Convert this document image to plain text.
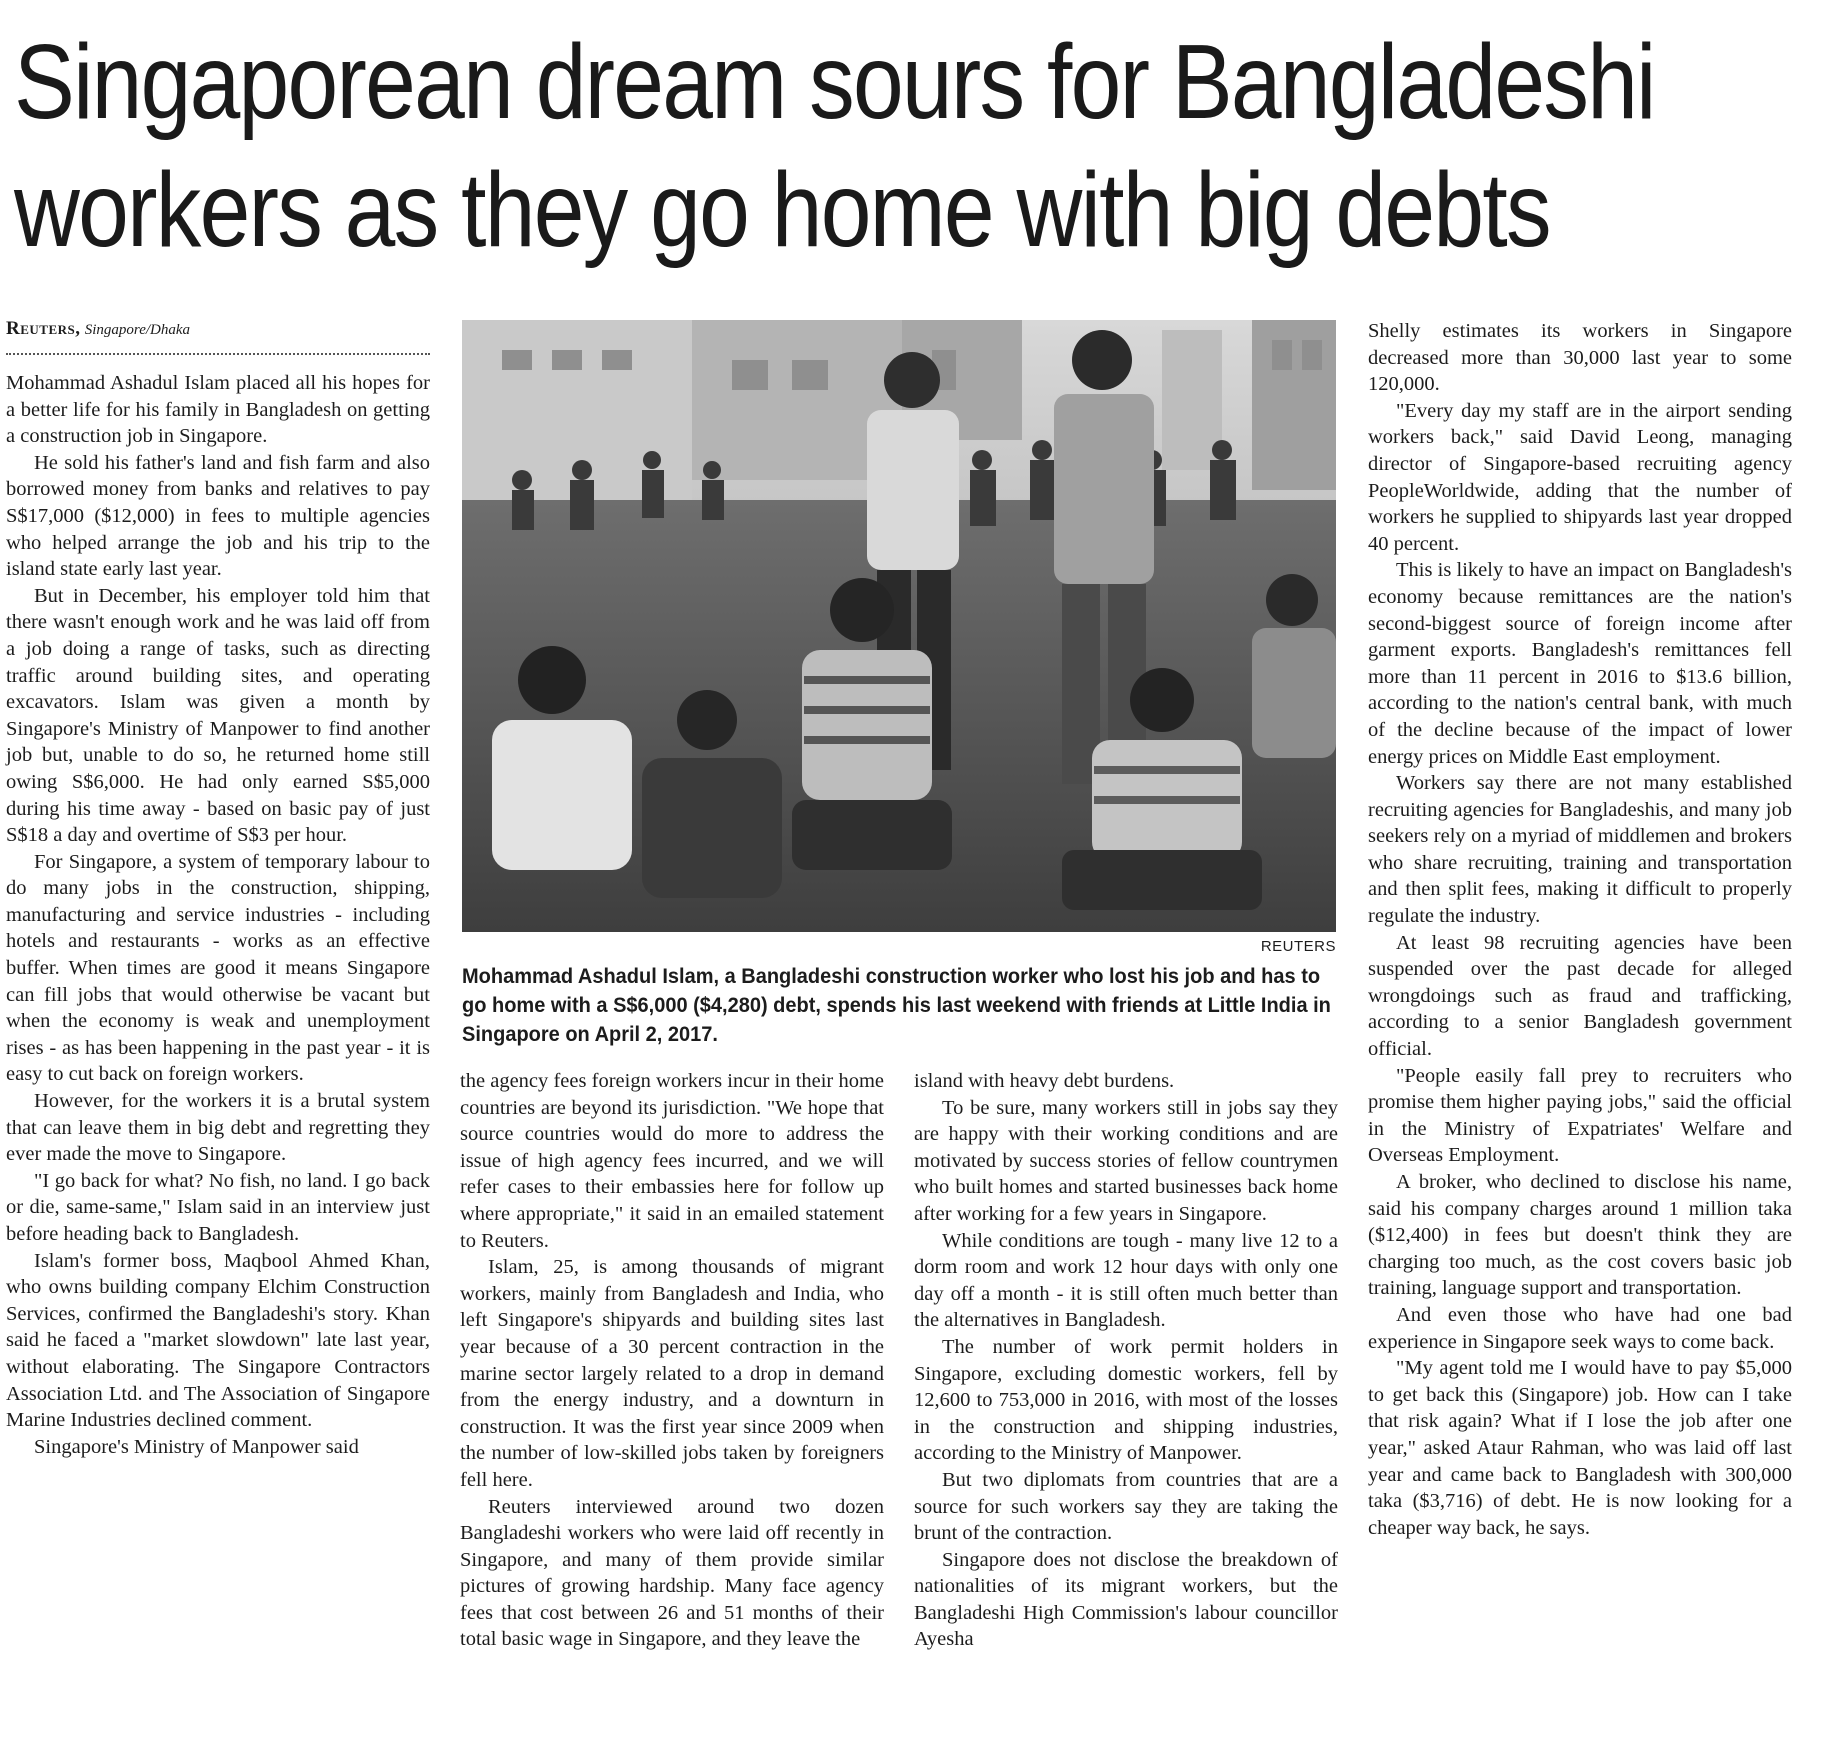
Singaporean dream sours for Bangladeshi
workers as they go home with big debts
Reuters, Singapore/Dhaka

Mohammad Ashadul Islam placed all his hopes for a better life for his family in Bangladesh on getting a construction job in Singapore.

He sold his father's land and fish farm and also borrowed money from banks and relatives to pay S$17,000 ($12,000) in fees to multiple agencies who helped arrange the job and his trip to the island state early last year.

But in December, his employer told him that there wasn't enough work and he was laid off from a job doing a range of tasks, such as directing traffic around building sites, and operating excavators. Islam was given a month by Singapore's Ministry of Manpower to find another job but, unable to do so, he returned home still owing S$6,000. He had only earned S$5,000 during his time away - based on basic pay of just S$18 a day and overtime of S$3 per hour.

For Singapore, a system of temporary labour to do many jobs in the construction, shipping, manufacturing and service industries - including hotels and restaurants - works as an effective buffer. When times are good it means Singapore can fill jobs that would otherwise be vacant but when the economy is weak and unemployment rises - as has been happening in the past year - it is easy to cut back on foreign workers.

However, for the workers it is a brutal system that can leave them in big debt and regretting they ever made the move to Singapore.

"I go back for what? No fish, no land. I go back or die, same-same," Islam said in an interview just before heading back to Bangladesh.

Islam's former boss, Maqbool Ahmed Khan, who owns building company Elchim Construction Services, confirmed the Bangladeshi's story. Khan said he faced a "market slowdown" late last year, without elaborating. The Singapore Contractors Association Ltd. and The Association of Singapore Marine Industries declined comment.

Singapore's Ministry of Manpower said

REUTERS
Mohammad Ashadul Islam, a Bangladeshi construction worker who lost his job and has to go home with a S$6,000 ($4,280) debt, spends his last weekend with friends at Little India in Singapore on April 2, 2017.

the agency fees foreign workers incur in their home countries are beyond its jurisdiction. "We hope that source countries would do more to address the issue of high agency fees incurred, and we will refer cases to their embassies here for follow up where appropriate," it said in an emailed statement to Reuters.

Islam, 25, is among thousands of migrant workers, mainly from Bangladesh and India, who left Singapore's shipyards and building sites last year because of a 30 percent contraction in the marine sector largely related to a drop in demand from the energy industry, and a downturn in construction. It was the first year since 2009 when the number of low-skilled jobs taken by foreigners fell here.

Reuters interviewed around two dozen Bangladeshi workers who were laid off recently in Singapore, and many of them provide similar pictures of growing hardship. Many face agency fees that cost between 26 and 51 months of their total basic wage in Singapore, and they leave the

island with heavy debt burdens.

To be sure, many workers still in jobs say they are happy with their working conditions and are motivated by success stories of fellow countrymen who built homes and started businesses back home after working for a few years in Singapore.

While conditions are tough - many live 12 to a dorm room and work 12 hour days with only one day off a month - it is still often much better than the alternatives in Bangladesh.

The number of work permit holders in Singapore, excluding domestic workers, fell by 12,600 to 753,000 in 2016, with most of the losses in the construction and shipping industries, according to the Ministry of Manpower.

But two diplomats from countries that are a source for such workers say they are taking the brunt of the contraction.

Singapore does not disclose the breakdown of nationalities of its migrant workers, but the Bangladeshi High Commission's labour councillor Ayesha

Shelly estimates its workers in Singapore decreased more than 30,000 last year to some 120,000.

"Every day my staff are in the airport sending workers back," said David Leong, managing director of Singapore-based recruiting agency PeopleWorldwide, adding that the number of workers he supplied to shipyards last year dropped 40 percent.

This is likely to have an impact on Bangladesh's economy because remittances are the nation's second-biggest source of foreign income after garment exports. Bangladesh's remittances fell more than 11 percent in 2016 to $13.6 billion, according to the nation's central bank, with much of the decline because of the impact of lower energy prices on Middle East employment.

Workers say there are not many established recruiting agencies for Bangladeshis, and many job seekers rely on a myriad of middlemen and brokers who share recruiting, training and transportation and then split fees, making it difficult to properly regulate the industry.

At least 98 recruiting agencies have been suspended over the past decade for alleged wrongdoings such as fraud and trafficking, according to a senior Bangladesh government official.

"People easily fall prey to recruiters who promise them higher paying jobs," said the official in the Ministry of Expatriates' Welfare and Overseas Employment.

A broker, who declined to disclose his name, said his company charges around 1 million taka ($12,400) in fees but doesn't think they are charging too much, as the cost covers basic job training, language support and transportation.

And even those who have had one bad experience in Singapore seek ways to come back.

"My agent told me I would have to pay $5,000 to get back this (Singapore) job. How can I take that risk again? What if I lose the job after one year," asked Ataur Rahman, who was laid off last year and came back to Bangladesh with 300,000 taka ($3,716) of debt. He is now looking for a cheaper way back, he says.
